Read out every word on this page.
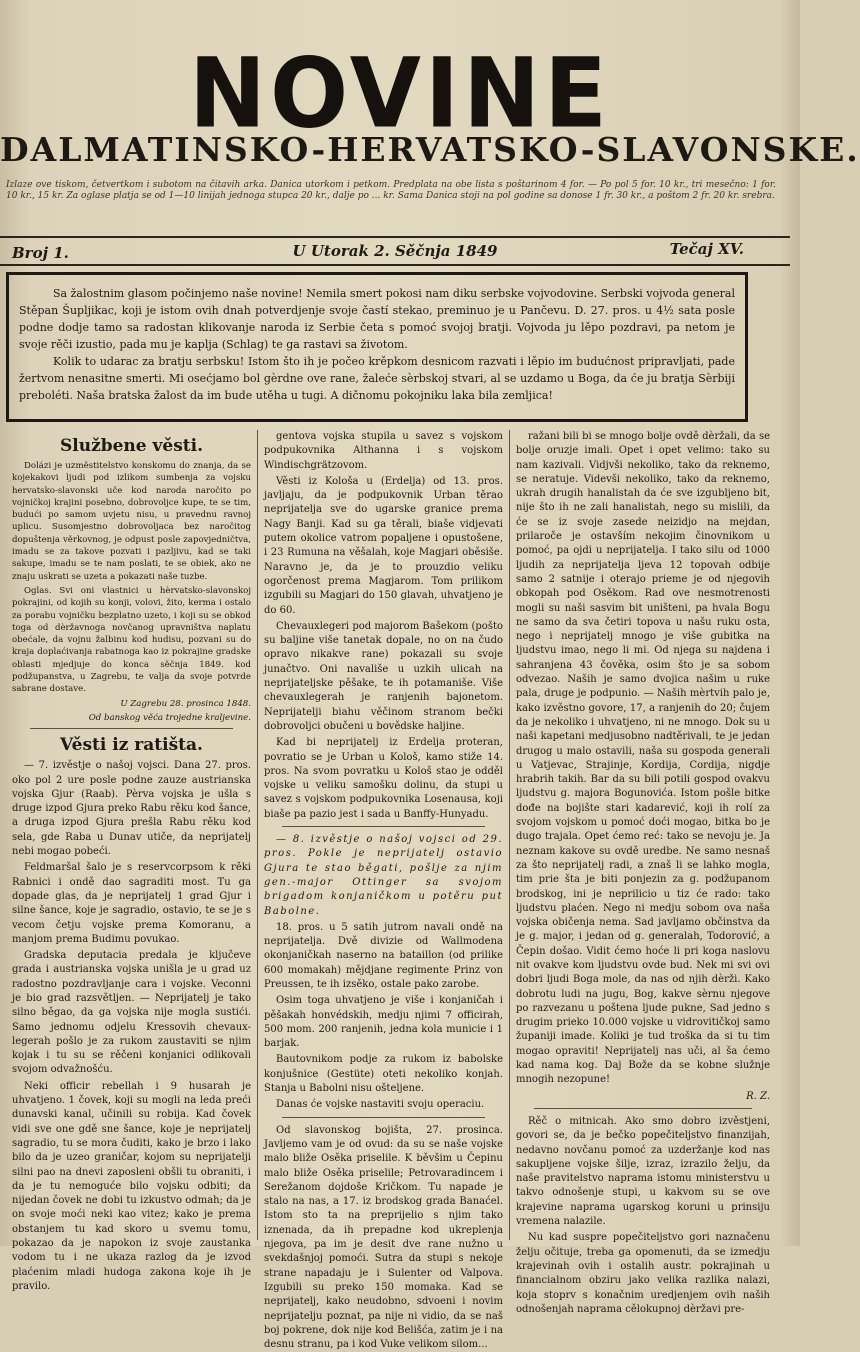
NOVINE
DALMATINSKO-HERVATSKO-SLAVONSKE.
Izlaze ove tiskom, četvertkom i subotom na čitavih arka. Danica utorkom i petkom. Predplata na obe lista s poštarinom 4 for. — Po pol 5 for. 10 kr., tri mesečno: 1 for. 10 kr., 15 kr. Za oglase platja se od 1—10 linijah jednoga stupca 20 kr., dalje po ... kr. Sama Danica stoji na pol godine sa donose 1 fr. 30 kr., a poštom 2 fr. 20 kr. srebra.
Broj 1.	U Utorak 2. Sěčnja 1849	Tečaj XV.

Sa žalostnim glasom počinjemo naše novine! Nemila smert pokosi nam diku serbske vojvodovine. Serbski vojvoda general Stěpan Šupljikac, koji je istom ovih dnah potverdjenje svoje častí stekao, preminuo je u Pančevu. D. 27. pros. u 4½ sata posle podne dodje tamo sa radostan klikovanje naroda iz Serbie četa s pomoć svojoj bratji. Vojvoda ju lěpo pozdravi, pa netom je svoje rěči izustio, pada mu je kaplja (Schlag) te ga rastavi sa životom.

Kolik to udarac za bratju serbsku! Istom što ih je počeo krěpkom desnicom razvati i lěpio im budućnost pripravljati, pade žertvom nenasitne smerti. Mi osećjamo bol gèrdne ove rane, žaleće sèrbskoj stvari, al se uzdamo u Boga, da će ju bratja Sèrbiji preboléti. Naša bratska žalost da im bude utěha u tugi. A dičnomu pokojniku laka bila zemljica!

Službene věsti.

Dolázi je uzměstitelstvo konskomu do znanja, da se kojekakovi ljudi pod izlikom sumbenja za vojsku hervatsko-slavonski uče kod naroda naročito po vojničkoj krajini posebno, dobrovoljce kupe, te se tim, budući po samom uvjetu nisu, u pravednu ravnoj uplicu. Susomjestno dobrovoljaca bez naročitog dopuštenja věrkovnog, je odpust posle zapovjedničtva, imadu se za takove pozvati i pazljivu, kad se taki sakupe, imadu se te nam poslati, te se obiek, ako ne znaju uskrati se uzeta a pokazati naše tuzbe.

Oglas. Svi oni vlastnici u hèrvatsko-slavonskoj pokrajini, od kojih su konji, volovi, žito, kerma i ostalo za porabu vojničku bezplatno uzeto, i koji su se obkod toga od dèržavnoga novčanog upravništva naplatu obećale, da vojnu žalbinu kod hudisu, pozvani su do kraja doplaćivanja rabatnoga kao iz pokrajine gradske oblasti mjedjuje do konca sěčnja 1849. kod podžupanstva, u Zagrebu, te valja da svoje potvrde sabrane dostave.

U Zagrebu 28. prosinca 1848.

Od banskog věća trojedne kraljevine.

Věsti iz ratišta.

— 7. izvěstje o našoj vojsci. Dana 27. pros. oko pol 2 ure posle podne zauze austrianska vojska Gjur (Raab). Pèrva vojska je ušla s druge izpod Gjura preko Rabu rěku kod šance, a druga izpod Gjura prešla Rabu rěku kod sela, gde Raba u Dunav utiče, da neprijatelj nebi mogao pobeći.

Feldmaršal šalo je s reservcorpsom k rěki Rabnici i ondě dao sagraditi most. Tu ga dopade glas, da je neprijatelj 1 grad Gjur i silne šance, koje je sagradio, ostavio, te se je s vecom četju vojske prema Komoranu, a manjom prema Budimu povukao.

Gradska deputacia predala je ključeve grada i austrianska vojska unišla je u grad uz radostno pozdravljanje cara i vojske. Veconni je bio grad razsvětljen. — Neprijatelj je tako silno běgao, da ga vojska nije mogla sustići. Samo jednomu odjelu Kressovih chevaux-legerah pošlo je za rukom zaustaviti se njim kojak i tu su se rěčeni konjanici odlikovali svojom odvažnošću.

Neki officir rebellah i 9 husarah je uhvatjeno. 1 čovek, koji su mogli na leda preći dunavski kanal, učinili su robija. Kad čovek vidi sve one gdě sne šance, koje je neprijatelj sagradio, tu se mora čuditi, kako je brzo i lako bilo da je uzeo graničar, kojom su neprijatelji silni pao na dnevi zaposleni obšli tu obraniti, i da je tu nemoguće bilo vojsku odbiti; da nijedan čovek ne dobi tu izkustvo odmah; da je on svoje moći neki kao vitez; kako je prema obstanjem tu kad skoro u svemu tomu, pokazao da je napokon iz svoje zaustanka vodom tu i ne ukaza razlog da je izvod plaćenim mladi hudoga zakona koje ih je pravilo.

gentova vojska stupila u savez s vojskom podpukovnika Althanna i s vojskom Windischgrätzovom.

Věsti iz Kološa u (Erdelja) od 13. pros. javljaju, da je podpukovnik Urban těrao neprijatelja sve do ugarske granice prema Nagy Banji. Kad su ga těrali, biaše vidjevati putem okolice vatrom popaljene i opustošene, i 23 Rumuna na věšalah, koje Magjari oběsiše. Naravno je, da je to prouzdio veliku ogorčenost prema Magjarom. Tom prilikom izgubili su Magjari do 150 glavah, uhvatjeno je do 60.

Chevauxlegeri pod majorom Bašekom (pošto su baljine više tanetak dopale, no on na čudo opravo nikakve rane) pokazali su svoje junačtvo. Oni navališe u uzkih ulicah na neprijateljske pěšake, te ih potamaniše. Više chevauxlegerah je ranjenih bajonetom. Neprijatelji biahu věčinom stranom bečki dobrovoljci obučeni u bovědske haljine.

Kad bi neprijatelj iz Erdelja proteran, povratio se je Urban u Kološ, kamo stiže 14. pros. Na svom povratku u Kološ stao je odděl vojske u veliku samošku dolinu, da stupi u savez s vojskom podpukovnika Losenausa, koji biaše pa pazio jest i sada u Banffy-Hunyadu.

— 8. izvěstje o našoj vojsci od 29. pros. Pokle je neprijatelj ostavio Gjura te stao běgati, pošlje za njim gen.-major Ottinger sa svojom brigadom konjaničkom u potěru put Babolne.

18. pros. u 5 satih jutrom navali ondě na neprijatelja. Dvě divizie od Wallmodena okonjaničkah naserno na bataillon (od prilike 600 momakah) mějdjane regimente Prinz von Preussen, te ih izsěko, ostale pako zarobe.

Osim toga uhvatjeno je više i konjaničah i pěšakah honvédskih, medju njimi 7 officirah, 500 mom. 200 ranjenih, jedna kola municie i 1 barjak.

Bautovnikom podje za rukom iz babolske konjušnice (Gestüte) oteti nekoliko konjah. Stanja u Babolni nisu ošteljene.

Danas će vojske nastaviti svoju operaciu.

Od slavonskog bojišta, 27. prosinca. Javljemo vam je od ovud: da su se naše vojske malo bliže Osěka priselile. K běvšim u Čepinu malo bliže Osěka priselile; Petrovaradincem i Serežanom dojdoše Kričkom. Tu napade je stalo na nas, a 17. iz brodskog grada Banaćel. Istom sto ta na preprijelio s njim tako iznenada, da ih prepadne kod ukreplenja njegova, pa im je desit dve rane nužno u svekdašnjoj pomoći. Sutra da stupi s nekoje strane napadaju je i Sulenter od Valpova. Izgubili su preko 150 momaka. Kad se neprijatelj, kako neudobno, sdvoeni i novim neprijatelju poznat, pa nije ni vidio, da se naš boj pokrene, dok nije kod Belišća, zatim je i na desnu stranu, pa i kod Vuke velikom silom...

ražani bili bi se mnogo bolje ovdě dèržali, da se bolje oruzje imali. Opet i opet velimo: tako su nam kazivali. Vidjvši nekoliko, tako da reknemo, se neratuje. Videvši nekoliko, tako da reknemo, ukrah drugih hanalistah da će sve izgubljeno bit, nije što ih ne zali hanalistah, nego su mislili, da će se iz svoje zasede neizidjo na mejdan, prilaroče je ostavším nekojim činovnikom u pomoć, pa ojdi u neprijatelja. I tako silu od 1000 ljudih za neprijatelja ljeva 12 topovah odbije samo 2 satnije i oterajo prieme je od njegovih obkopah pod Osěkom. Rad ove nesmotrenosti mogli su naši sasvim bit uništeni, pa hvala Bogu ne samo da sva četiri topova u našu ruku osta, nego i neprijatelj mnogo je više gubitka na ljudstvu imao, nego li mi. Od njega su najdena i sahranjena 43 čověka, osim što je sa sobom odvezao. Naših je samo dvojica našim u ruke pala, druge je podpunio. — Naših mèrtvih palo je, kako izvěstno govore, 17, a ranjenih do 20; čujem da je nekoliko i uhvatjeno, ni ne mnogo. Dok su u naši kapetani medjusobno nadtěrivali, te je jedan drugog u malo ostavili, naša su gospoda generali u Vatjevac, Strajinje, Kordija, Cordija, nigdje hrabrih takih. Bar da su bili potili gospod ovakvu ljudstvu g. majora Bogunovića. Istom pošle bitke dođe na bojište stari kadarević, koji ih rolí za svojom vojskom u pomoć doći mogao, bitka bo je dugo trajala. Opet ćemo reć: tako se nevoju je. Ja neznam kakove su ovdě uredbe. Ne samo nesnaš za što neprijatelj radi, a znaš li se lahko mogla, tim prie šta je biti ponjezin za g. podžupanom brodskog, ini je neprilicio u tiz će rado: tako ljudstvu plaćen. Nego ni medju sobom ova naša vojska običenja nema. Sad javljamo občinstva da je g. major, i jedan od g. generalah, Todorović, a Čepin došao. Vidit ćemo hoće li pri koga naslovu nit ovakve kom ljudstvu ovde bud. Nek mi svi ovi dobri ljudi Boga mole, da nas od njih dèrži. Kako dobrotu ludi na jugu, Bog, kakve sèrnu njegove po razvezanu u poštena ljude pukne, Sad jedno s drugim prieko 10.000 vojske u vidrovitičkoj samo županiji imade. Koliki je tud troška da si tu tim mogao opraviti! Neprijatelj nas uči, al ša ćemo kad nama kog. Daj Bože da se kobne služnje mnogih nezopune!

R. Z.

Rěč o mitnicah. Ako smo dobro izvěstjeni, govori se, da je bečko popečiteljstvo finanzijah, nedavno novčanu pomoć za uzderžanje kod nas sakupljene vojske šilje, izraz, izrazilo želju, da naše pravitelstvo naprama istomu ministerstvu u takvo odnošenje stupi, u kakvom su se ove krajevine naprama ugarskog koruni u prinsiju vremena nalazile.

Nu kad suspre popečiteljstvo gori naznačenu želju očituje, treba ga opomenuti, da se izmedju krajevinah ovih i ostalih austr. pokrajinah u financialnom obziru jako velika razlika nalazi, koja stoprv s konačnim uredjenjem ovih naših odnošenjah naprama cělokupnoj dèržavi pre-
